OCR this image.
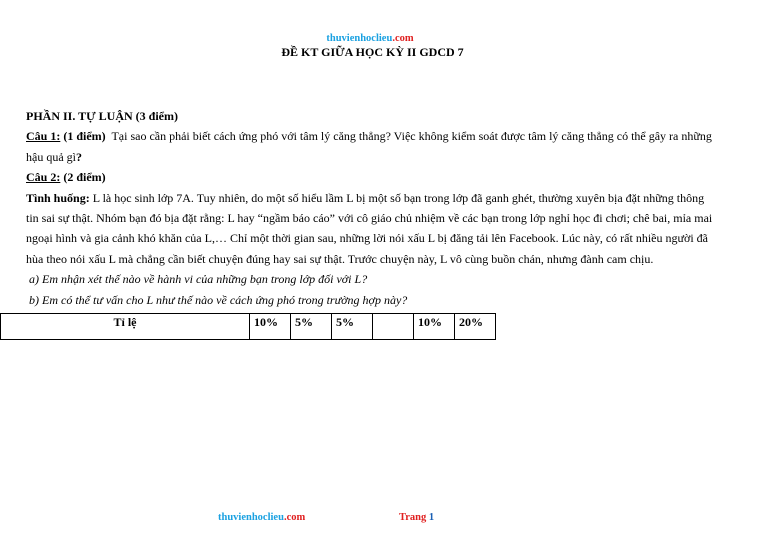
thuvienhoclieu.com
ĐỀ KT GIỮA HỌC KỲ II GDCD 7

PHẦN II. TỰ LUẬN (3 điểm)

Câu 1: (1 điểm) Tại sao cần phải biết cách ứng phó với tâm lý căng thẳng? Việc không kiểm soát được tâm lý căng thẳng có thể gây ra những hậu quả gì?

Câu 2: (2 điểm)

Tình huống: L là học sinh lớp 7A. Tuy nhiên, do một số hiểu lầm L bị một số bạn trong lớp đã ganh ghét, thường xuyên bịa đặt những thông tin sai sự thật. Nhóm bạn đó bịa đặt rằng: L hay “ngầm báo cáo” với cô giáo chủ nhiệm về các bạn trong lớp nghỉ học đi chơi; chê bai, mỉa mai ngoại hình và gia cảnh khó khăn của L,… Chỉ một thời gian sau, những lời nói xấu L bị đăng tải lên Facebook. Lúc này, có rất nhiều người đã hùa theo nói xấu L mà chẳng cần biết chuyện đúng hay sai sự thật. Trước chuyện này, L vô cùng buồn chán, nhưng đành cam chịu.

a) Em nhận xét thế nào về hành vi của những bạn trong lớp đối với L?

b) Em có thể tư vấn cho L như thế nào về cách ứng phó trong trường hợp này?

Tỉ lệ	10%	5%	5%		10%	20%
thuvienhoclieu.com	Trang 1
